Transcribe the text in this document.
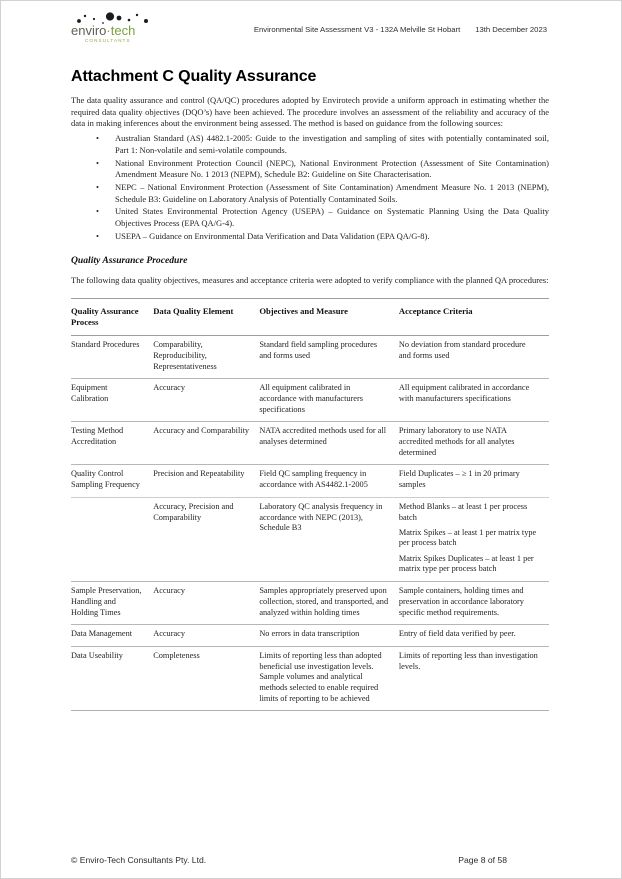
enviro·tech
CONSULTANTS
Environmental Site Assessment V3 - 132A Melville St Hobart 13th December 2023
Attachment C Quality Assurance

The data quality assurance and control (QA/QC) procedures adopted by Envirotech provide a uniform approach in estimating whether the required data quality objectives (DQO’s) have been achieved. The procedure involves an assessment of the reliability and accuracy of the data in making inferences about the environment being assessed. The method is based on guidance from the following sources:

• Australian Standard (AS) 4482.1-2005: Guide to the investigation and sampling of sites with potentially contaminated soil, Part 1: Non-volatile and semi-volatile compounds.
• National Environment Protection Council (NEPC), National Environment Protection (Assessment of Site Contamination) Amendment Measure No. 1 2013 (NEPM), Schedule B2: Guideline on Site Characterisation.
• NEPC – National Environment Protection (Assessment of Site Contamination) Amendment Measure No. 1 2013 (NEPM), Schedule B3: Guideline on Laboratory Analysis of Potentially Contaminated Soils.
• United States Environmental Protection Agency (USEPA) – Guidance on Systematic Planning Using the Data Quality Objectives Process (EPA QA/G-4).
• USEPA – Guidance on Environmental Data Verification and Data Validation (EPA QA/G-8).
Quality Assurance Procedure

The following data quality objectives, measures and acceptance criteria were adopted to verify compliance with the planned QA procedures:

Quality Assurance Process	Data Quality Element	Objectives and Measure	Acceptance Criteria
Standard Procedures	Comparability, Reproducibility, Representativeness	Standard field sampling procedures and forms used	No deviation from standard procedure and forms used

Equipment Calibration	Accuracy	All equipment calibrated in accordance with manufacturers specifications	All equipment calibrated in accordance with manufacturers specifications

Testing Method Accreditation	Accuracy and Comparability	NATA accredited methods used for all analyses determined	Primary laboratory to use NATA accredited methods for all analytes determined

Quality Control Sampling Frequency	Precision and Repeatability	Field QC sampling frequency in accordance with AS4482.1-2005	Field Duplicates – ≥ 1 in 20 primary samples

	Accuracy, Precision and Comparability	Laboratory QC analysis frequency in accordance with NEPC (2013), Schedule B3	Method Blanks – at least 1 per process batch
Matrix Spikes – at least 1 per matrix type per process batch
Matrix Spikes Duplicates – at least 1 per matrix type per process batch

Sample Preservation, Handling and Holding Times	Accuracy	Samples appropriately preserved upon collection, stored, and transported, and analyzed within holding times	Sample containers, holding times and preservation in accordance laboratory specific method requirements.

Data Management	Accuracy	No errors in data transcription	Entry of field data verified by peer.

Data Useability	Completeness	Limits of reporting less than adopted beneficial use investigation levels. Sample volumes and analytical methods selected to enable required limits of reporting to be achieved	Limits of reporting less than investigation levels.
© Enviro-Tech Consultants Pty. Ltd.	Page 8 of 58
